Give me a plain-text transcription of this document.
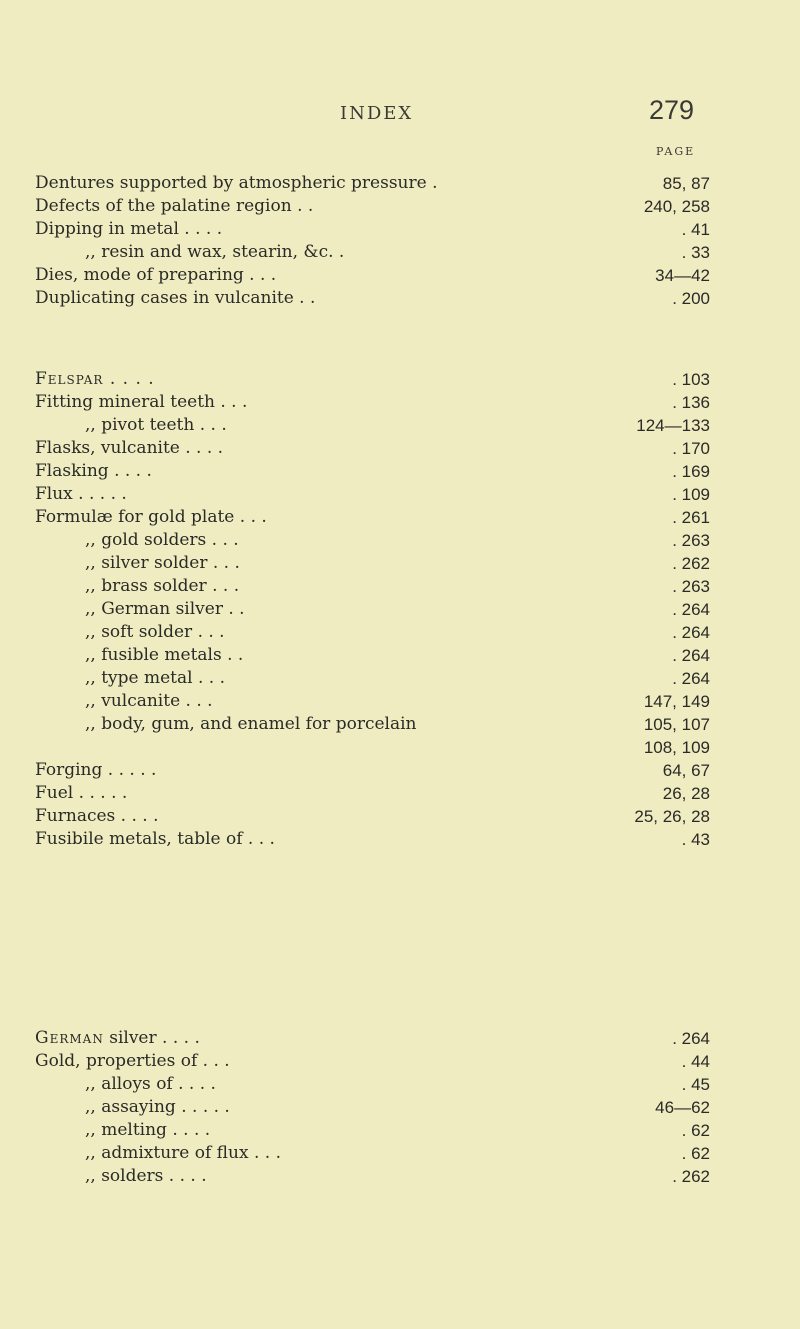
INDEX	279
PAGE
Dentures supported by atmospheric pressure .	85, 87
Defects of the palatine region . .	240, 258
Dipping in metal . . . .	. 41
,, resin and wax, stearin, &c. .	. 33
Dies, mode of preparing . . .	34—42
Duplicating cases in vulcanite . .	. 200
Felspar . . . .	. 103
Fitting mineral teeth . . .	. 136
,, pivot teeth . . .	124—133
Flasks, vulcanite . . . .	. 170
Flasking . . . .	. 169
Flux . . . . .	. 109
Formulæ for gold plate . . .	. 261
,, gold solders . . .	. 263
,, silver solder . . .	. 262
,, brass solder . . .	. 263
,, German silver . .	. 264
,, soft solder . . .	. 264
,, fusible metals . .	. 264
,, type metal . . .	. 264
,, vulcanite . . .	147, 149
,, body, gum, and enamel for porcelain	105, 107
108, 109
Forging . . . . .	64, 67
Fuel . . . . .	26, 28
Furnaces . . . .	25, 26, 28
Fusibile metals, table of . . .	. 43
German silver . . . .	. 264
Gold, properties of . . .	. 44
,, alloys of . . . .	. 45
,, assaying . . . . .	46—62
,, melting . . . .	. 62
,, admixture of flux . . .	. 62
,, solders . . . .	. 262
